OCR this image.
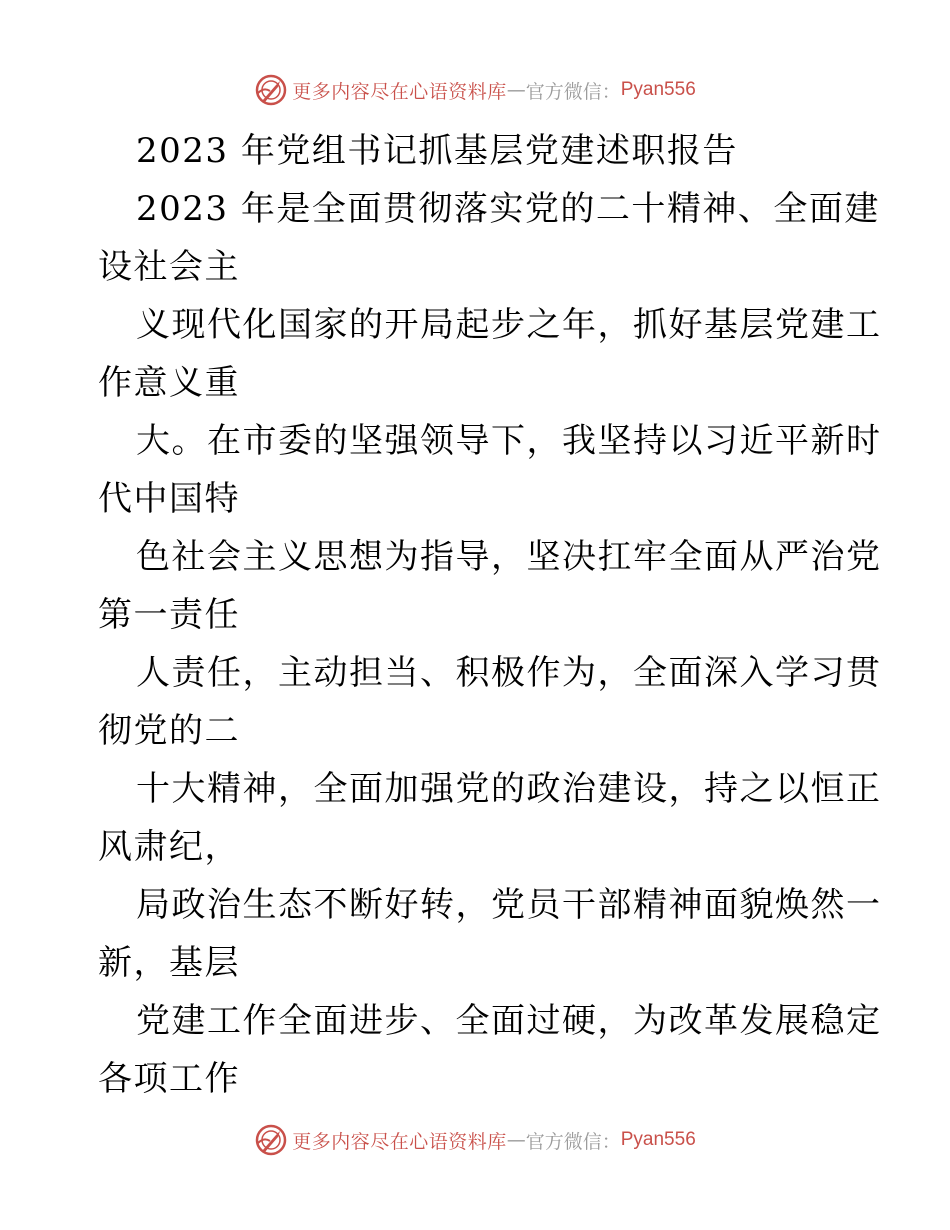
更多内容尽在心语资料库 — 官方微信： Pyan556
2023 年党组书记抓基层党建述职报告
2023 年是全面贯彻落实党的二十精神、全面建
设社会主
义现代化国家的开局起步之年，抓好基层党建工
作意义重
大。在市委的坚强领导下，我坚持以习近平新时
代中国特
色社会主义思想为指导，坚决扛牢全面从严治党
第一责任
人责任，主动担当、积极作为，全面深入学习贯
彻党的二
十大精神，全面加强党的政治建设，持之以恒正
风肃纪，
局政治生态不断好转，党员干部精神面貌焕然一
新，基层
党建工作全面进步、全面过硬，为改革发展稳定
各项工作
更多内容尽在心语资料库 — 官方微信： Pyan556
